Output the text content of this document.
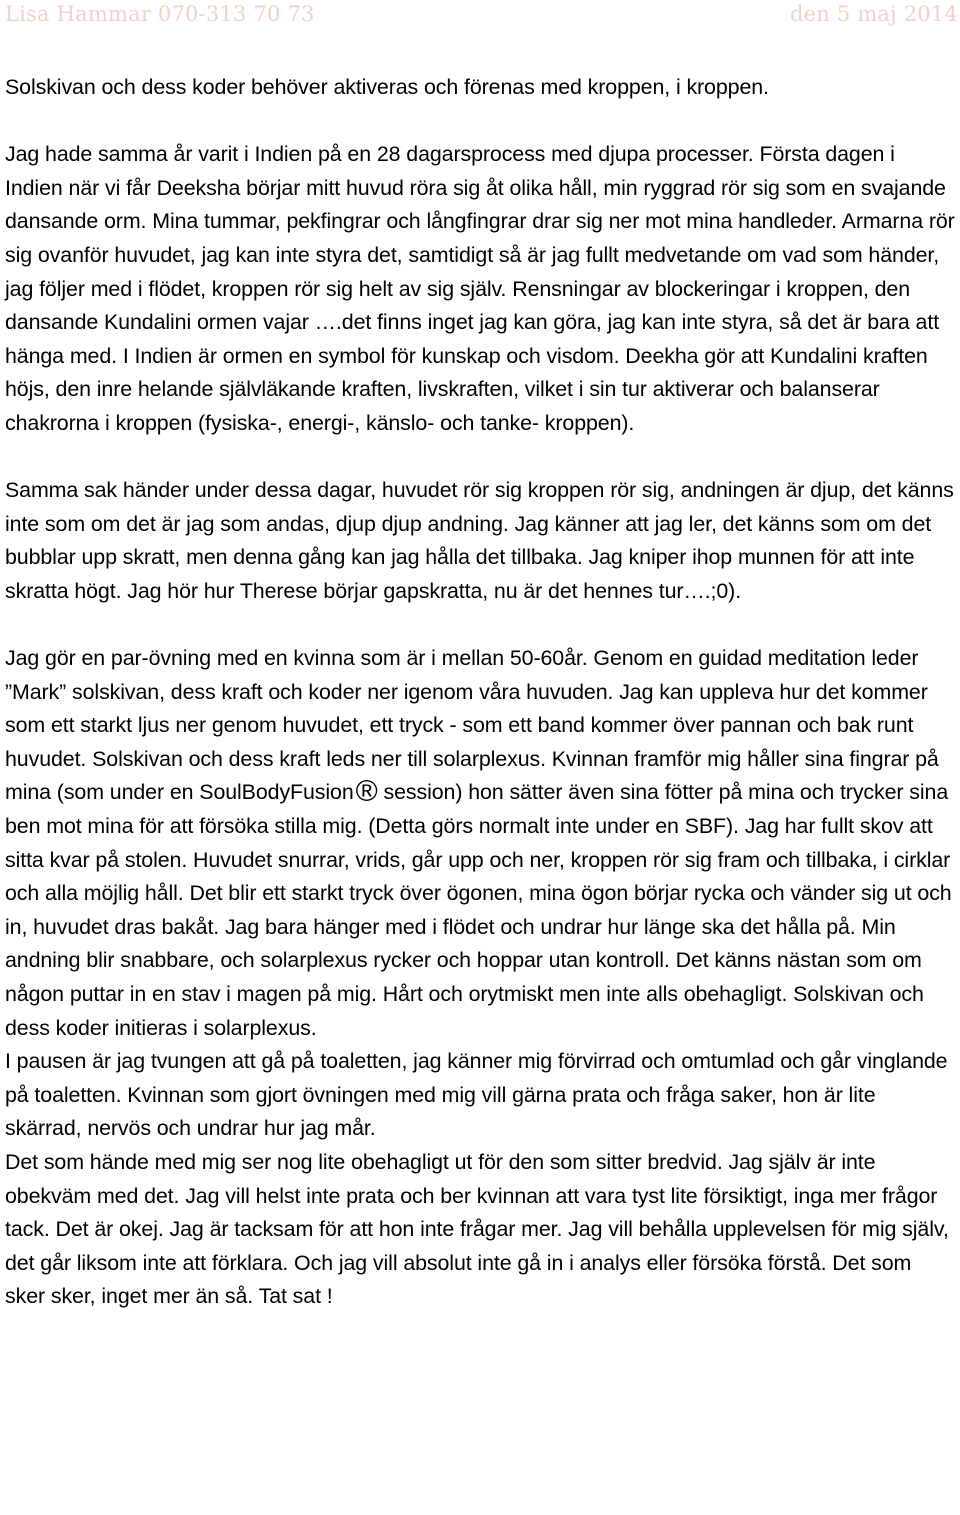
Lisa Hammar 070-313 70 73	den 5 maj 2014

Solskivan och dess koder behöver aktiveras och förenas med kroppen, i kroppen.

Jag hade samma år varit i Indien på en 28 dagarsprocess med djupa processer. Första dagen i Indien när vi får Deeksha börjar mitt huvud röra sig åt olika håll, min ryggrad rör sig som en svajande dansande orm. Mina tummar, pekfingrar och långfingrar drar sig ner mot mina handleder. Armarna rör sig ovanför huvudet, jag kan inte styra det, samtidigt så är jag fullt medvetande om vad som händer, jag följer med i flödet, kroppen rör sig helt av sig själv. Rensningar av blockeringar i kroppen, den dansande Kundalini ormen vajar ….det finns inget jag kan göra, jag kan inte styra, så det är bara att hänga med. I Indien är ormen en symbol för kunskap och visdom. Deekha gör att Kundalini kraften höjs, den inre helande självläkande kraften, livskraften, vilket i sin tur aktiverar och balanserar chakrorna i kroppen (fysiska-, energi-, känslo- och tanke- kroppen).

Samma sak händer under dessa dagar, huvudet rör sig kroppen rör sig, andningen är djup, det känns inte som om det är jag som andas, djup djup andning. Jag känner att jag ler, det känns som om det bubblar upp skratt, men denna gång kan jag hålla det tillbaka. Jag kniper ihop munnen för att inte skratta högt. Jag hör hur Therese börjar gapskratta, nu är det hennes tur….;0).

Jag gör en par-övning med en kvinna som är i mellan 50-60år. Genom en guidad meditation leder ”Mark” solskivan, dess kraft och koder ner igenom våra huvuden. Jag kan uppleva hur det kommer som ett starkt ljus ner genom huvudet, ett tryck - som ett band kommer över pannan och bak runt huvudet. Solskivan och dess kraft leds ner till solarplexus. Kvinnan framför mig håller sina fingrar på mina (som under en SoulBodyFusion® session) hon sätter även sina fötter på mina och trycker sina ben mot mina för att försöka stilla mig. (Detta görs normalt inte under en SBF). Jag har fullt skov att sitta kvar på stolen. Huvudet snurrar, vrids, går upp och ner, kroppen rör sig fram och tillbaka, i cirklar och alla möjlig håll. Det blir ett starkt tryck över ögonen, mina ögon börjar rycka och vänder sig ut och in, huvudet dras bakåt. Jag bara hänger med i flödet och undrar hur länge ska det hålla på. Min andning blir snabbare, och solarplexus rycker och hoppar utan kontroll. Det känns nästan som om någon puttar in en stav i magen på mig. Hårt och orytmiskt men inte alls obehagligt. Solskivan och dess koder initieras i solarplexus.

I pausen är jag tvungen att gå på toaletten, jag känner mig förvirrad och omtumlad och går vinglande på toaletten. Kvinnan som gjort övningen med mig vill gärna prata och fråga saker, hon är lite skärrad, nervös och undrar hur jag mår.

Det som hände med mig ser nog lite obehagligt ut för den som sitter bredvid. Jag själv är inte obekväm med det. Jag vill helst inte prata och ber kvinnan att vara tyst lite försiktigt, inga mer frågor tack. Det är okej. Jag är tacksam för att hon inte frågar mer. Jag vill behålla upplevelsen för mig själv, det går liksom inte att förklara. Och jag vill absolut inte gå in i analys eller försöka förstå. Det som sker sker, inget mer än så. Tat sat !
